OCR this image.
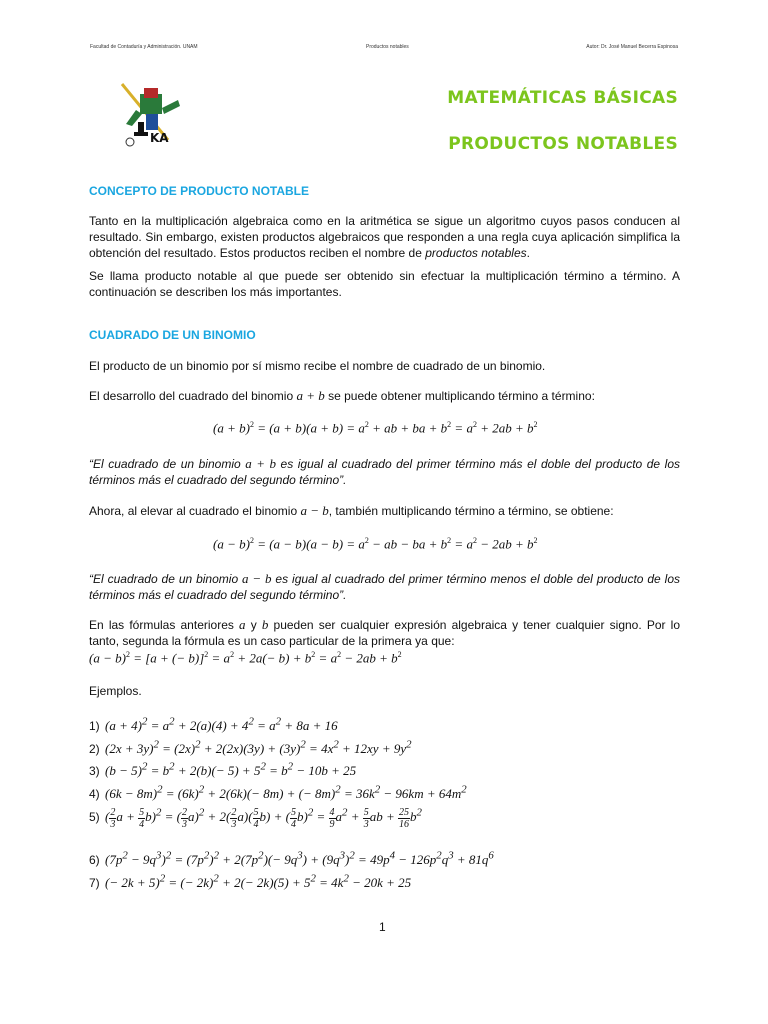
Facultad de Contaduría y Administración. UNAM	Productos notables	Autor: Dr. José Manuel Becerra Espinosa
KA
MATEMÁTICAS BÁSICAS
PRODUCTOS NOTABLES
CONCEPTO DE PRODUCTO NOTABLE
Tanto en la multiplicación algebraica como en la aritmética se sigue un algoritmo cuyos pasos conducen al resultado. Sin embargo, existen productos algebraicos que responden a una regla cuya aplicación simplifica la obtención del resultado. Estos productos reciben el nombre de productos notables.
Se llama producto notable al que puede ser obtenido sin efectuar la multiplicación término a término. A continuación se describen los más importantes.
CUADRADO DE UN BINOMIO
El producto de un binomio por sí mismo recibe el nombre de cuadrado de un binomio.
El desarrollo del cuadrado del binomio a + b se puede obtener multiplicando término a término:
$(a + b)^2 = (a + b)(a + b) = a^2$ + ab + ba + $b^2 = a^2 + 2ab + b^2$
“El cuadrado de un binomio a + b es igual al cuadrado del primer término más el doble del producto de los términos más el cuadrado del segundo término”.
Ahora, al elevar al cuadrado el binomio a − b, también multiplicando término a término, se obtiene:
$(a - b)^2 = (a - b)(a - b) = a^2$ − ab − ba + $b^2 = a^2 - 2ab + b^2$
“El cuadrado de un binomio a − b es igual al cuadrado del primer término menos el doble del producto de los términos más el cuadrado del segundo término”.
En las fórmulas anteriores a y b pueden ser cualquier expresión algebraica y tener cualquier signo. Por lo tanto, segunda la fórmula es un caso particular de la primera ya que:
$(a - b)^2 = [a$ + (− $b)]^2 = a^2 + 2a(- b) + b^2 = a^2 - 2ab + b^2$
Ejemplos.
1) $(a + 4)^2 = a^2 + 2(a)(4) + 4^2 = a^2 + 8a + 16$
2) $(2x + 3y)^2 = (2x)^2 + 2(2x)(3y) + (3y)^2 = 4x^2 + 12xy + 9y^2$
3) $(b - 5)^2 = b^2 + 2(b)(- 5) + 5^2 = b^2 - 10b + 25$
4) $(6k - 8m)^2 = (6k)^2 + 2(6k)(- 8m)$ + (− $8m)^2 = 36k^2 - 96km + 64m^2$
5) ( $\frac{2}{3}$ $a + \frac{5}{4} b)^2$ = ( $\frac{2}{3} a)^2 + 2( \frac{2}{3} a)( \frac{5}{4} b)$ + ( $\frac{5}{4} b)^2 = \frac{4}{9} a^2 + \frac{5}{3}$ ab + $\frac{25}{16} b^2$
6) $(7p^2 - 9q^3)^2 = (7p^2)^2 + 2(7p^2)(- 9q^3) + (9q^3)^2 = 49p^4 - 126p^2q^3 + 81q^6$
7) (− 2k + 5)$^2$ = (− $2k)^2 + 2(- 2k)(5) + 5^2 = 4k^2 - 20k + 25$
1
